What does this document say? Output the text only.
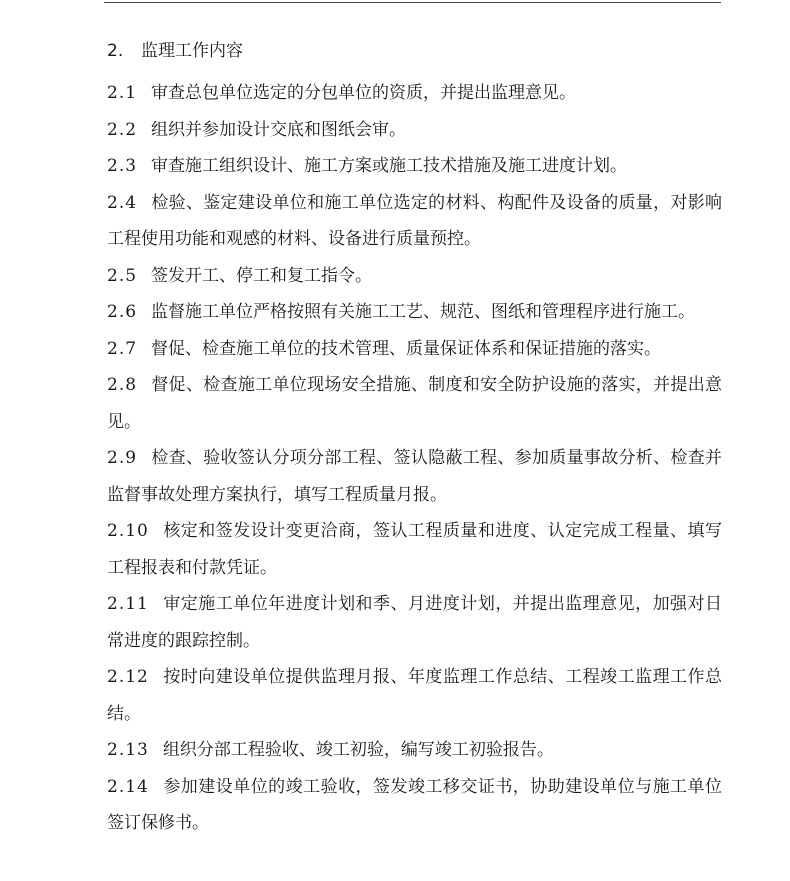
2. 监理工作内容
2.1 审查总包单位选定的分包单位的资质，并提出监理意见。
2.2 组织并参加设计交底和图纸会审。
2.3 审查施工组织设计、施工方案或施工技术措施及施工进度计划。
2.4 检验、鉴定建设单位和施工单位选定的材料、构配件及设备的质量，对影响工程使用功能和观感的材料、设备进行质量预控。
2.5 签发开工、停工和复工指令。
2.6 监督施工单位严格按照有关施工工艺、规范、图纸和管理程序进行施工。
2.7 督促、检查施工单位的技术管理、质量保证体系和保证措施的落实。
2.8 督促、检查施工单位现场安全措施、制度和安全防护设施的落实，并提出意见。
2.9 检查、验收签认分项分部工程、签认隐蔽工程、参加质量事故分析、检查并监督事故处理方案执行，填写工程质量月报。
2.10 核定和签发设计变更洽商，签认工程质量和进度、认定完成工程量、填写工程报表和付款凭证。
2.11 审定施工单位年进度计划和季、月进度计划，并提出监理意见，加强对日常进度的跟踪控制。
2.12 按时向建设单位提供监理月报、年度监理工作总结、工程竣工监理工作总结。
2.13 组织分部工程验收、竣工初验，编写竣工初验报告。
2.14 参加建设单位的竣工验收，签发竣工移交证书，协助建设单位与施工单位签订保修书。
